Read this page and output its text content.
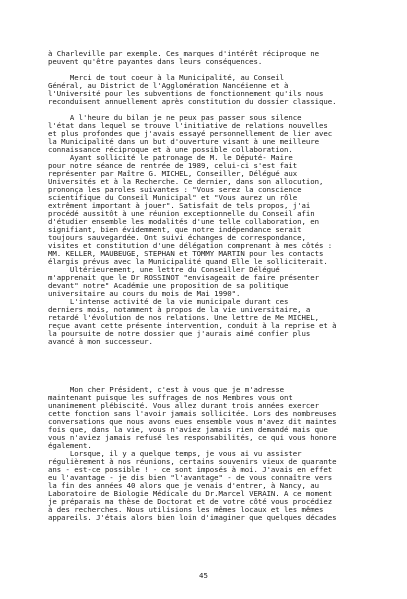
à Charleville par exemple. Ces marques d'intérêt réciproque ne
peuvent qu'être payantes dans leurs conséquences.
Merci de tout coeur à la Municipalité, au Conseil
Général, au District de l'Agglomération Nancéienne et à
l'Université pour les subventions de fonctionnement qu'ils nous
reconduisent annuellement après constitution du dossier classique.
A l'heure du bilan je ne peux pas passer sous silence
l'état dans lequel se trouve l'initiative de relations nouvelles
et plus profondes que j'avais essayé personnellement de lier avec
la Municipalité dans un but d'ouverture visant à une meilleure
connaissance réciproque et à une possible collaboration.
Ayant sollicité le patronage de M. le Député- Maire
pour notre séance de rentrée de 1989, celui-ci s'est fait
représenter par Maître G. MICHEL, Conseiller, Délégué aux
Universités et à la Recherche. Ce dernier, dans son allocution,
prononça les paroles suivantes : "Vous serez la conscience
scientifique du Conseil Municipal" et "Vous aurez un rôle
extrêment important à jouer". Satisfait de tels propos, j'ai
procédé aussitôt à une réunion exceptionnelle du Conseil afin
d'étudier ensemble les modalités d'une telle collaboration, en
signifiant, bien évidemment, que notre indépendance serait
toujours sauvegardée. Ont suivi échanges de correspondance,
visites et constitution d'une délégation comprenant à mes côtés :
MM. KELLER, MAUBEUGE, STEPHAN et TOMMY MARTIN pour les contacts
élargis prévus avec la Municipalité quand Elle le solliciterait.
Ultérieurement, une lettre du Conseiller Délégué
m'apprenait que le Dr ROSSINOT "envisageait de faire présenter
devant" notre" Académie une proposition de sa politique
universitaire au cours du mois de Mai 1990".
L'intense activité de la vie municipale durant ces
derniers mois, notamment à propos de la vie universitaire, a
retardé l'évolution de nos relations. Une lettre de Me MICHEL,
reçue avant cette présente intervention, conduit à la reprise et à
la poursuite de notre dossier que j'aurais aimé confier plus
avancé à mon successeur.
Mon cher Président, c'est à vous que je m'adresse
maintenant puisque les suffrages de nos Membres vous ont
unanimement plébiscité. Vous allez durant trois années exercer
cette fonction sans l'avoir jamais sollicitée. Lors des nombreuses
conversations que nous avons eues ensemble vous m'avez dit maintes
fois que, dans la vie, vous n'aviez jamais rien demandé mais que
vous n'aviez jamais refusé les responsabilités, ce qui vous honore
également.
Lorsque, il y a quelque temps, je vous ai vu assister
régulièrement à nos réunions, certains souvenirs vieux de quarante
ans - est-ce possible ! - ce sont imposés à moi. J'avais en effet
eu l'avantage - je dis bien "l'avantage" - de vous connaître vers
la fin des années 40 alors que je venais d'entrer, à Nancy, au
Laboratoire de Biologie Médicale du Dr.Marcel VERAIN. A ce moment
je préparais ma thèse de Doctorat et de votre côté vous procédiez
à des recherches. Nous utilisions les mêmes locaux et les mêmes
appareils. J'étais alors bien loin d'imaginer que quelques décades
45
